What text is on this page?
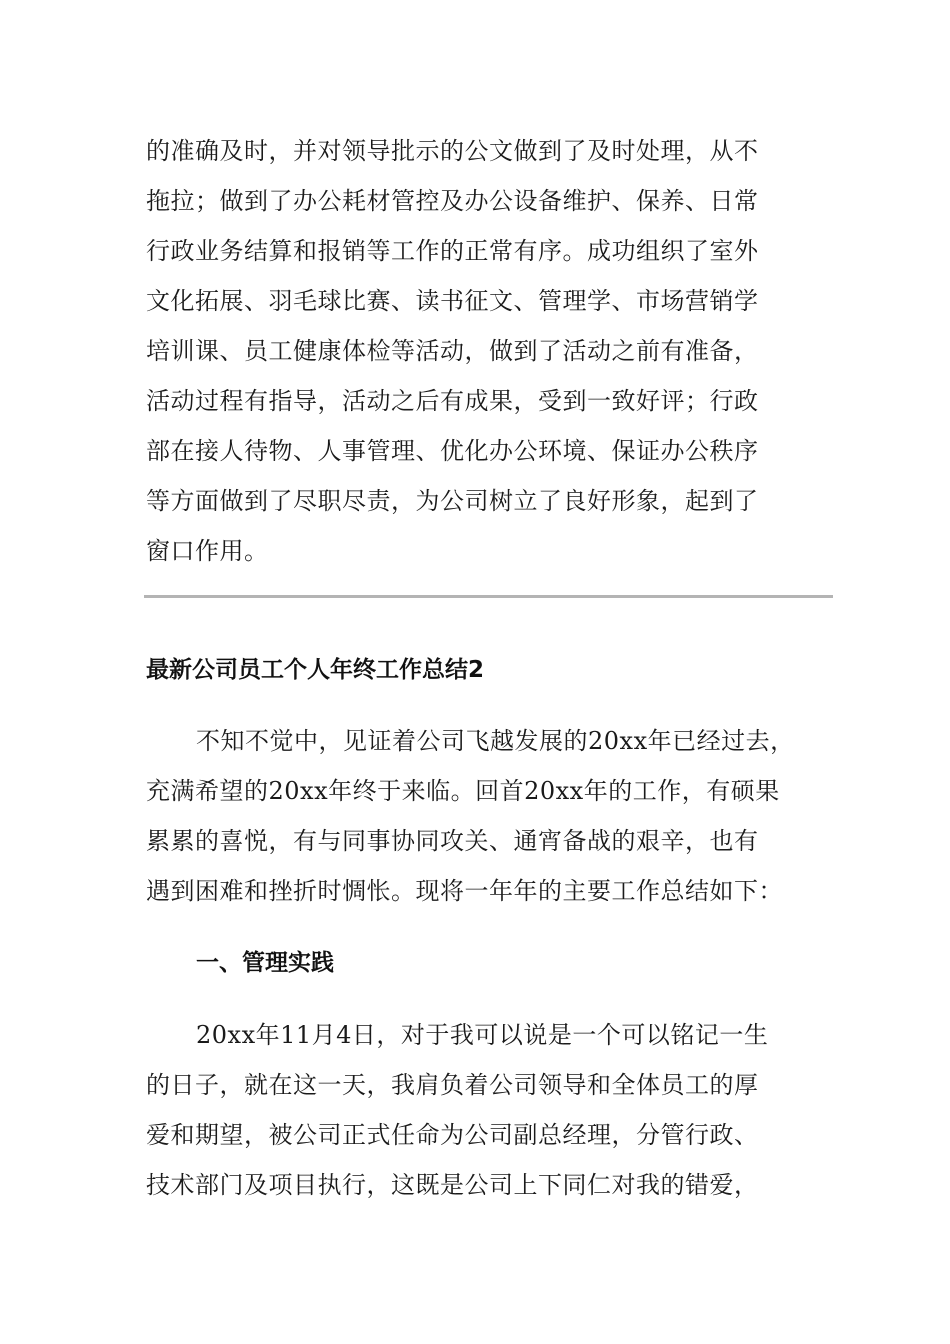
的准确及时，并对领导批示的公文做到了及时处理，从不
拖拉；做到了办公耗材管控及办公设备维护、保养、日常
行政业务结算和报销等工作的正常有序。成功组织了室外
文化拓展、羽毛球比赛、读书征文、管理学、市场营销学
培训课、员工健康体检等活动，做到了活动之前有准备，
活动过程有指导，活动之后有成果，受到一致好评；行政
部在接人待物、人事管理、优化办公环境、保证办公秩序
等方面做到了尽职尽责，为公司树立了良好形象，起到了
窗口作用。
最新公司员工个人年终工作总结2
不知不觉中，见证着公司飞越发展的20xx年已经过去，
充满希望的20xx年终于来临。回首20xx年的工作，有硕果
累累的喜悦，有与同事协同攻关、通宵备战的艰辛，也有
遇到困难和挫折时惆怅。现将一年年的主要工作总结如下：
一、管理实践
20xx年11月4日，对于我可以说是一个可以铭记一生
的日子，就在这一天，我肩负着公司领导和全体员工的厚
爱和期望，被公司正式任命为公司副总经理，分管行政、
技术部门及项目执行，这既是公司上下同仁对我的错爱，
